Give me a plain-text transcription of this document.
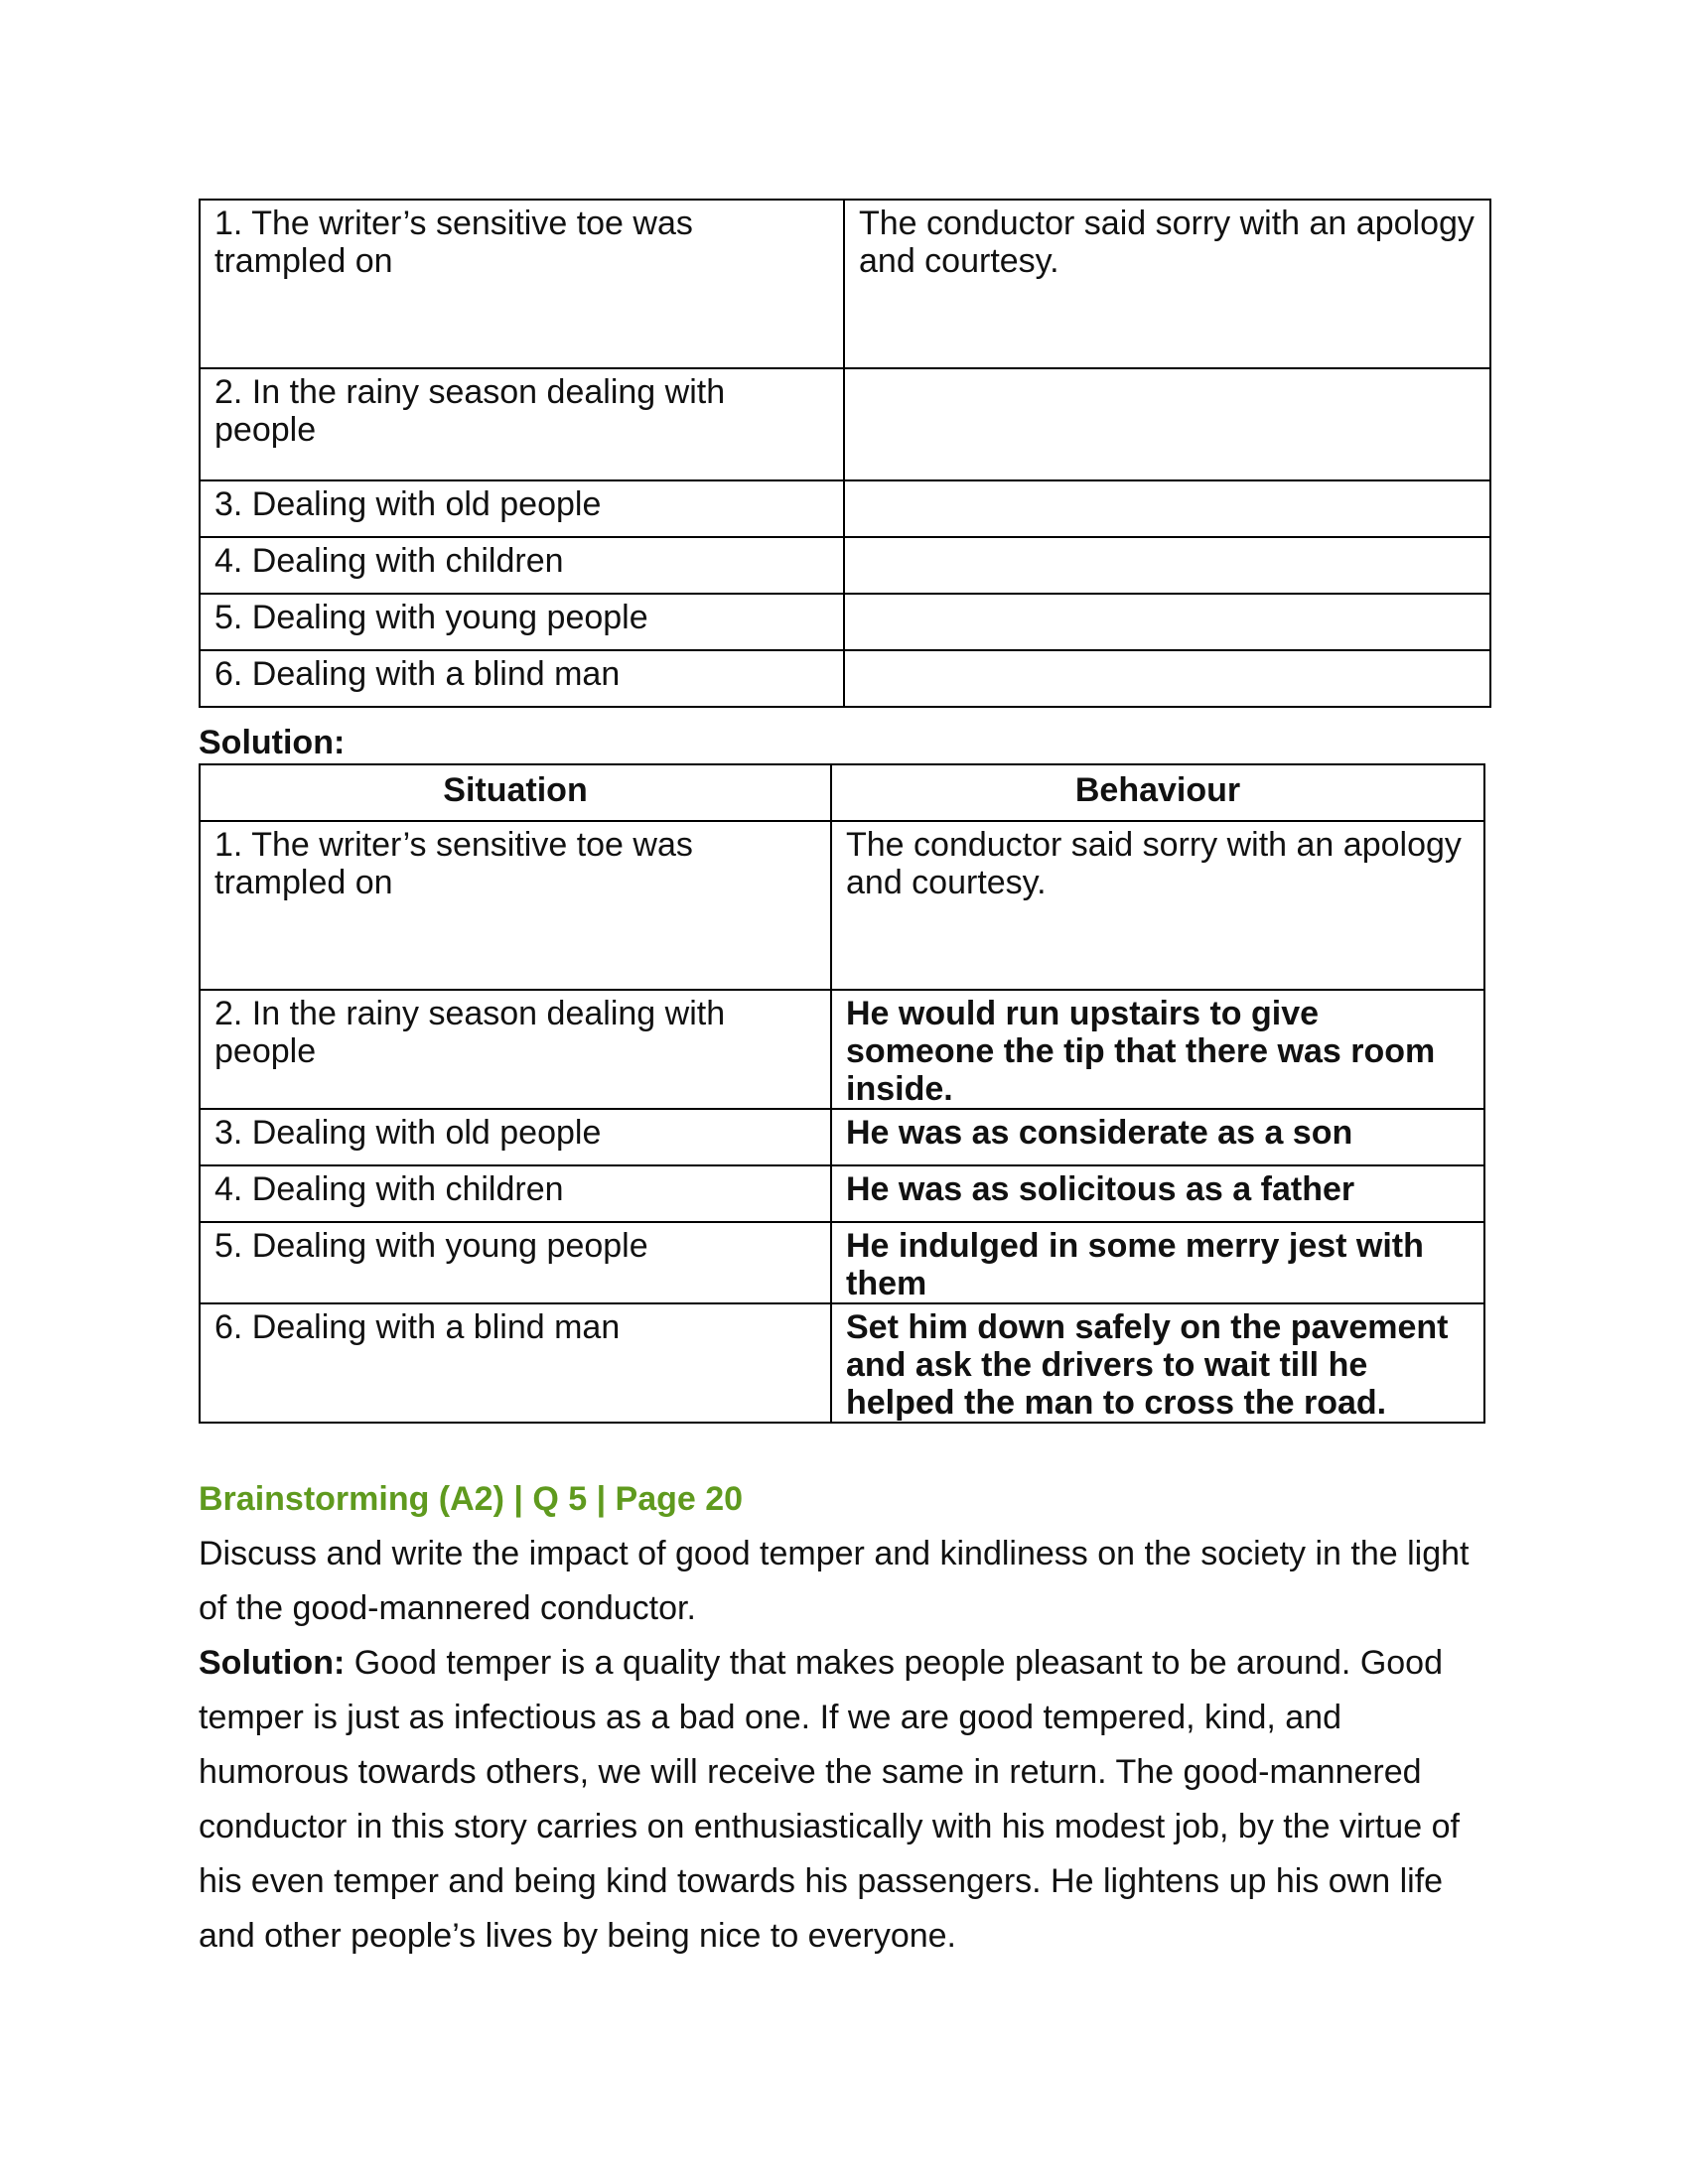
1. The writer’s sensitive toe was trampled on	The conductor said sorry with an apology and courtesy.
2. In the rainy season dealing with people	
3. Dealing with old people	
4. Dealing with children	
5. Dealing with young people	
6. Dealing with a blind man	
Solution:
Situation	Behaviour
1. The writer’s sensitive toe was trampled on	The conductor said sorry with an apology and courtesy.
2. In the rainy season dealing with people	He would run upstairs to give someone the tip that there was room inside.
3. Dealing with old people	He was as considerate as a son
4. Dealing with children	He was as solicitous as a father
5. Dealing with young people	He indulged in some merry jest with them
6. Dealing with a blind man	Set him down safely on the pavement and ask the drivers to wait till he helped the man to cross the road.
Brainstorming (A2) | Q 5 | Page 20
Discuss and write the impact of good temper and kindliness on the society in the light of the good-mannered conductor.
Solution: Good temper is a quality that makes people pleasant to be around. Good temper is just as infectious as a bad one. If we are good tempered, kind, and humorous towards others, we will receive the same in return. The good-mannered conductor in this story carries on enthusiastically with his modest job, by the virtue of his even temper and being kind towards his passengers. He lightens up his own life and other people’s lives by being nice to everyone.
